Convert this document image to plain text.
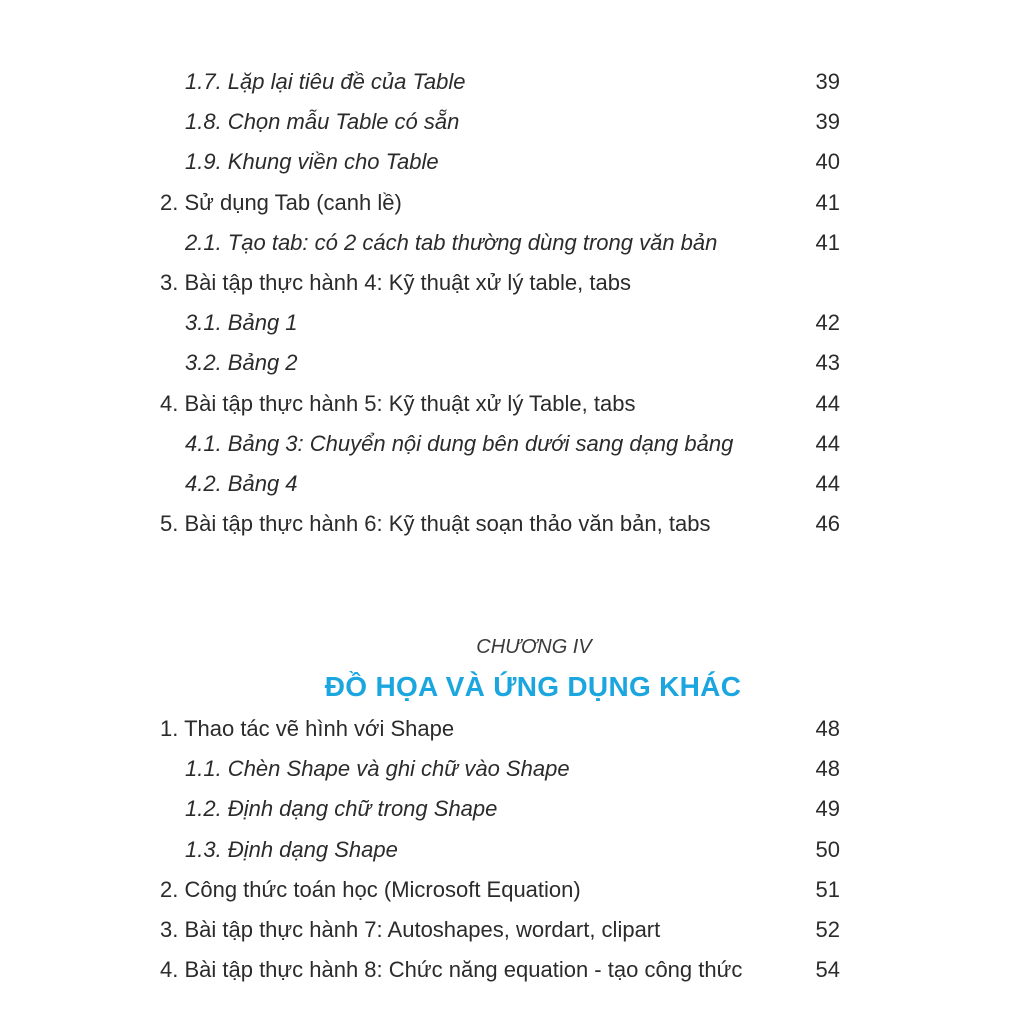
1.7. Lặp lại tiêu đề của Table	39
1.8. Chọn mẫu Table có sẵn	39
1.9. Khung viền cho Table	40
2. Sử dụng Tab (canh lề)	41
2.1. Tạo tab: có 2 cách tab thường dùng trong văn bản	41
3. Bài tập thực hành 4: Kỹ thuật xử lý table, tabs
3.1. Bảng 1	42
3.2. Bảng 2	43
4. Bài tập thực hành 5: Kỹ thuật xử lý Table, tabs	44
4.1. Bảng 3: Chuyển nội dung bên dưới sang dạng bảng	44
4.2. Bảng 4	44
5. Bài tập thực hành 6: Kỹ thuật soạn thảo văn bản, tabs	46
CHƯƠNG IV
ĐỒ HỌA VÀ ỨNG DỤNG KHÁC
1. Thao tác vẽ hình với Shape	48
1.1. Chèn Shape và ghi chữ vào Shape	48
1.2. Định dạng chữ trong Shape	49
1.3. Định dạng Shape	50
2. Công thức toán học (Microsoft Equation)	51
3. Bài tập thực hành 7: Autoshapes, wordart, clipart	52
4. Bài tập thực hành 8: Chức năng equation - tạo công thức	54
